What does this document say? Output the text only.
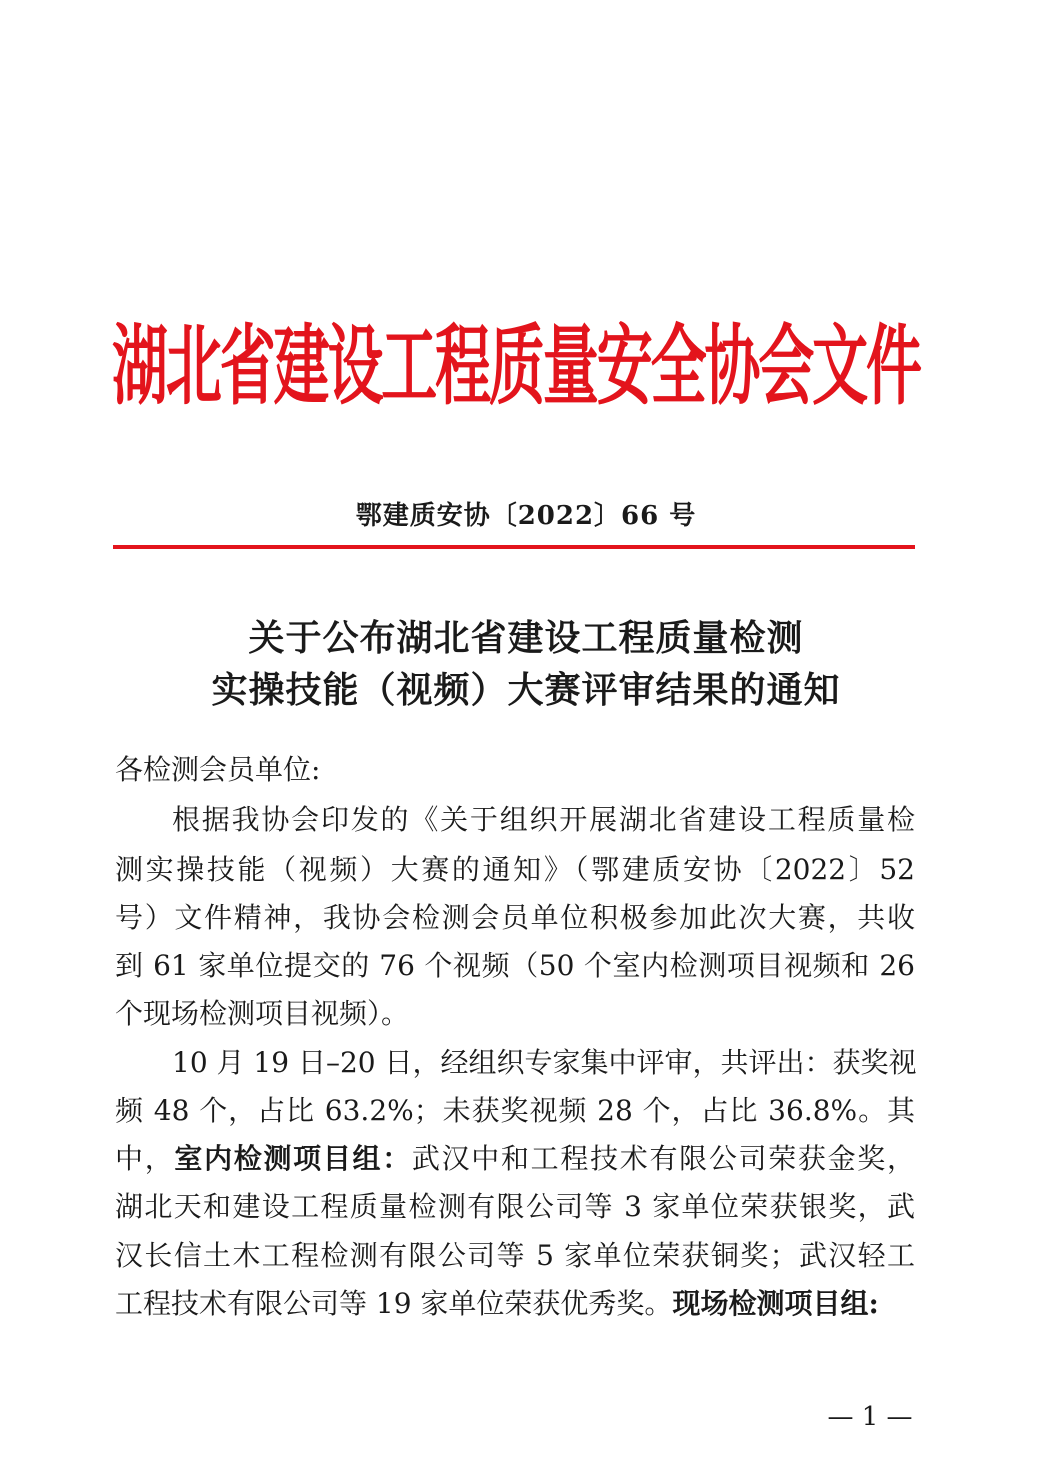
湖
北
省
建
设
工
程
质
量
安
全
协
会
文
件
鄂建质安协〔2022〕66 号
关于公布湖北省建设工程质量检测
实操技能（视频）大赛评审结果的通知
各检测会员单位:
根据我协会印发的《关于组织开展湖北省建设工程质量检
测实操技能（视频）大赛的通知》（鄂建质安协〔2022〕52
号）文件精神，我协会检测会员单位积极参加此次大赛，共收
到 61 家单位提交的 76 个视频（50 个室内检测项目视频和 26
个现场检测项目视频）。
10 月 19 日–20 日，经组织专家集中评审，共评出：获奖视
频 48 个，占比 63.2%；未获奖视频 28 个，占比 36.8%。其
中，室内检测项目组：武汉中和工程技术有限公司荣获金奖，
湖北天和建设工程质量检测有限公司等 3 家单位荣获银奖，武
汉长信土木工程检测有限公司等 5 家单位荣获铜奖；武汉轻工
工程技术有限公司等 19 家单位荣获优秀奖。现场检测项目组:
— 1 —
